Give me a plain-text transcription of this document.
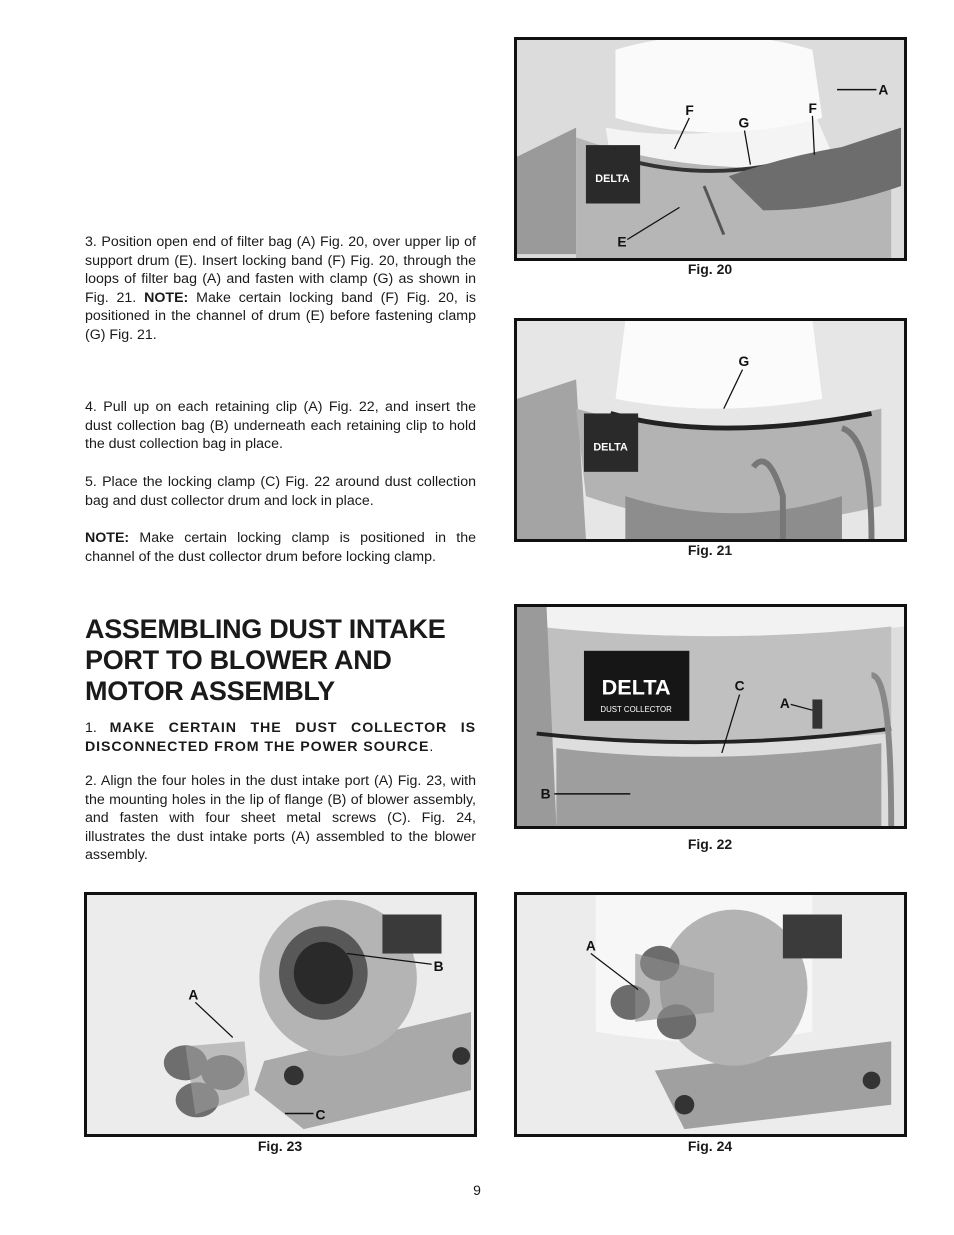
3. Position open end of filter bag (A) Fig. 20, over upper lip of support drum (E). Insert locking band (F) Fig. 20, through the loops of filter bag (A) and fasten with clamp (G) as shown in Fig. 21. NOTE: Make certain locking band (F) Fig. 20, is positioned in the channel of drum (E) before fastening clamp (G) Fig. 21.
4. Pull up on each retaining clip (A) Fig. 22, and insert the dust collection bag (B) underneath each retaining clip to hold the dust collection bag in place.
5. Place the locking clamp (C) Fig. 22 around dust collection bag and dust collector drum and lock in place.
NOTE: Make certain locking clamp is positioned in the channel of the dust collector drum before locking clamp.
ASSEMBLING DUST INTAKE
PORT TO BLOWER AND
MOTOR ASSEMBLY
1. MAKE CERTAIN THE DUST COLLECTOR IS DISCONNECTED FROM THE POWER SOURCE.
2. Align the four holes in the dust intake port (A) Fig. 23, with the mounting holes in the lip of flange (B) of blower assembly, and fasten with four sheet metal screws (C). Fig. 24, illustrates the dust intake ports (A) assembled to the blower assembly.
DELTA
A
F	F
G
E
Fig. 20
DELTA
G
Fig. 21
DELTA
DUST COLLECTOR
C
A
B
Fig. 22
B
A
C
Fig. 23
A
Fig. 24
9
